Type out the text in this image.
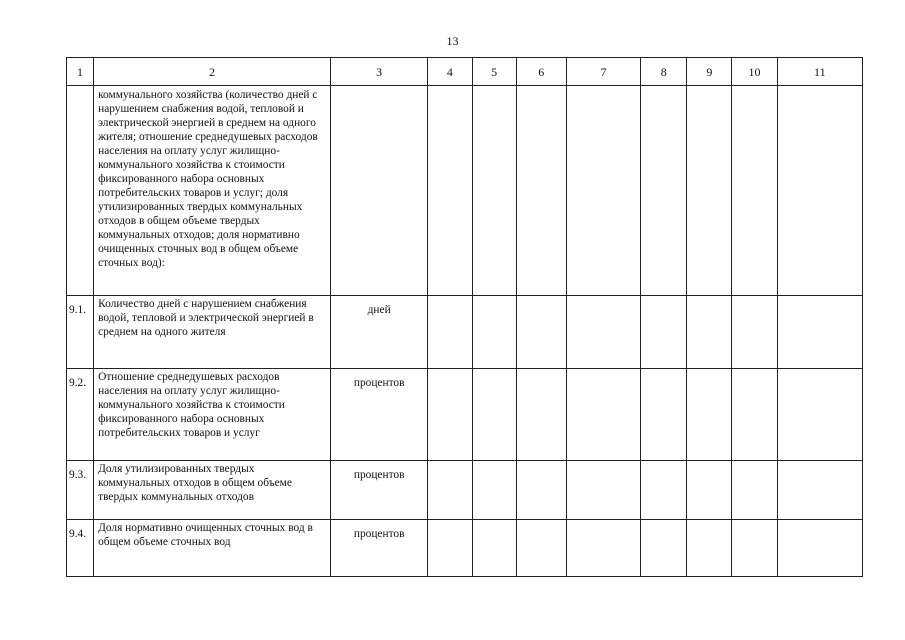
13
1	2	3	4	5	6	7	8	9	10	11
	коммунального хозяйства (количество дней с нарушением снабжения водой, тепловой и электрической энергией в среднем на одного жителя; отношение среднедушевых расходов населения на оплату услуг жилищно-коммунального хозяйства к стоимости фиксированного набора основных потребительских товаров и услуг; доля утилизированных твердых коммунальных отходов в общем объеме твердых коммунальных отходов; доля нормативно очищенных сточных вод в общем объеме сточных вод):									
9.1.	Количество дней с нарушением снабжения водой, тепловой и электрической энергией в среднем на одного жителя	дней								
9.2.	Отношение среднедушевых расходов населения на оплату услуг жилищно-коммунального хозяйства к стоимости фиксированного набора основных потребительских товаров и услуг	процентов								
9.3.	Доля утилизированных твердых коммунальных отходов в общем объеме твердых коммунальных отходов	процентов								
9.4.	Доля нормативно очищенных сточных вод в общем объеме сточных вод	процентов								
